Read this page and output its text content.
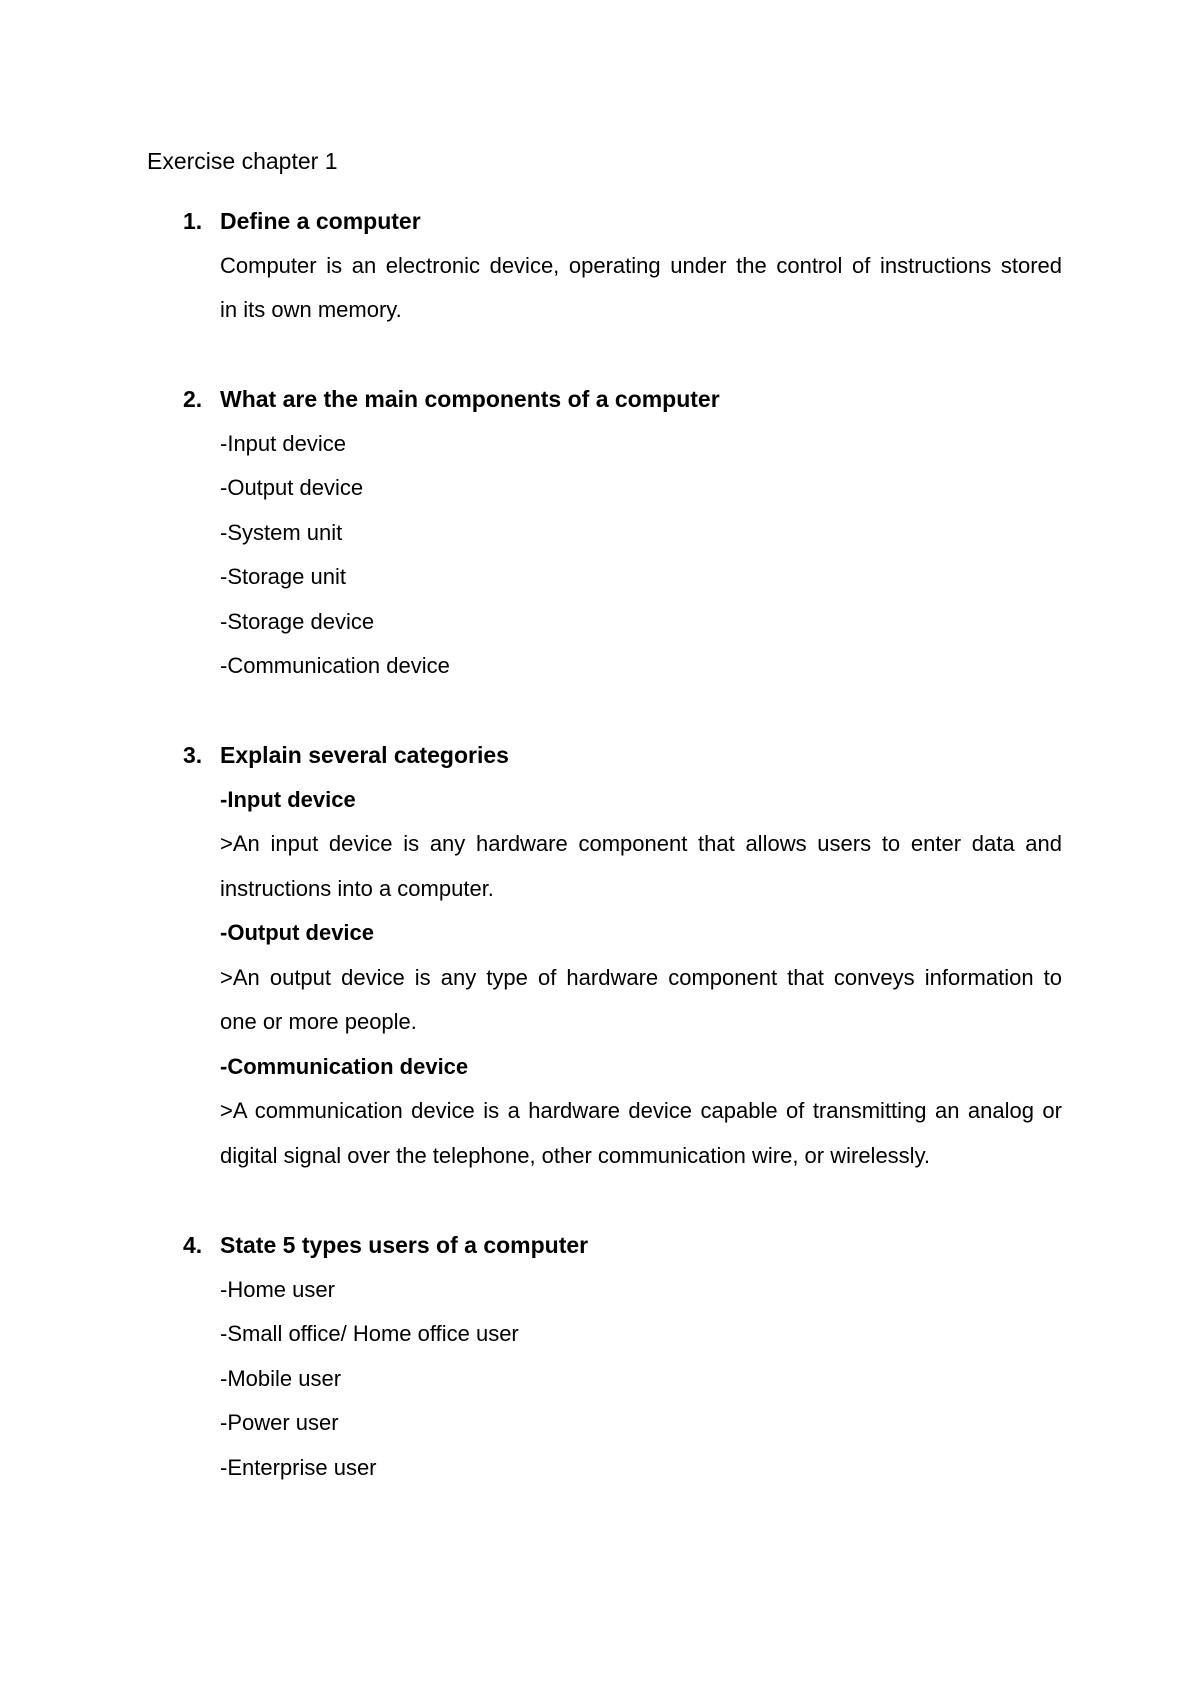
Exercise chapter 1
1. Define a computer
Computer is an electronic device, operating under the control of instructions stored
in its own memory.
2. What are the main components of a computer
-Input device
-Output device
-System unit
-Storage unit
-Storage device
-Communication device
3. Explain several categories
-Input device
>An input device is any hardware component that allows users to enter data and
instructions into a computer.
-Output device
>An output device is any type of hardware component that conveys information to
one or more people.
-Communication device
>A communication device is a hardware device capable of transmitting an analog or
digital signal over the telephone, other communication wire, or wirelessly.
4. State 5 types users of a computer
-Home user
-Small office/ Home office user
-Mobile user
-Power user
-Enterprise user
